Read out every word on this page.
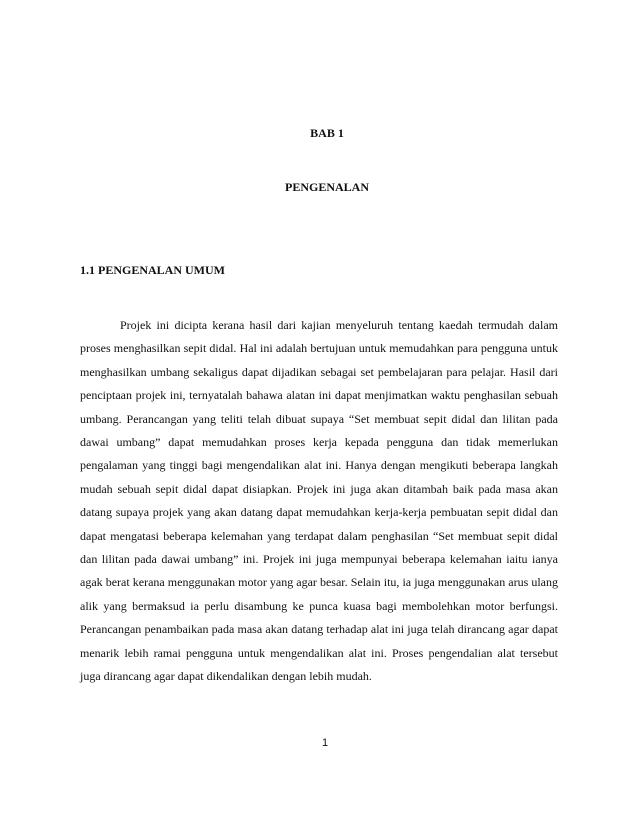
BAB 1
PENGENALAN
1.1 PENGENALAN UMUM

Projek ini dicipta kerana hasil dari kajian menyeluruh tentang kaedah termudah dalam proses menghasilkan sepit didal. Hal ini adalah bertujuan untuk memudahkan para pengguna untuk menghasilkan umbang sekaligus dapat dijadikan sebagai set pembelajaran para pelajar. Hasil dari penciptaan projek ini, ternyatalah bahawa alatan ini dapat menjimatkan waktu penghasilan sebuah umbang. Perancangan yang teliti telah dibuat supaya “Set membuat sepit didal dan lilitan pada dawai umbang” dapat memudahkan proses kerja kepada pengguna dan tidak memerlukan pengalaman yang tinggi bagi mengendalikan alat ini. Hanya dengan mengikuti beberapa langkah mudah sebuah sepit didal dapat disiapkan. Projek ini juga akan ditambah baik pada masa akan datang supaya projek yang akan datang dapat memudahkan kerja-kerja pembuatan sepit didal dan dapat mengatasi beberapa kelemahan yang terdapat dalam penghasilan “Set membuat sepit didal dan lilitan pada dawai umbang” ini. Projek ini juga mempunyai beberapa kelemahan iaitu ianya agak berat kerana menggunakan motor yang agar besar. Selain itu, ia juga menggunakan arus ulang alik yang bermaksud ia perlu disambung ke punca kuasa bagi membolehkan motor berfungsi. Perancangan penambaikan pada masa akan datang terhadap alat ini juga telah dirancang agar dapat menarik lebih ramai pengguna untuk mengendalikan alat ini. Proses pengendalian alat tersebut juga dirancang agar dapat dikendalikan dengan lebih mudah.

1
